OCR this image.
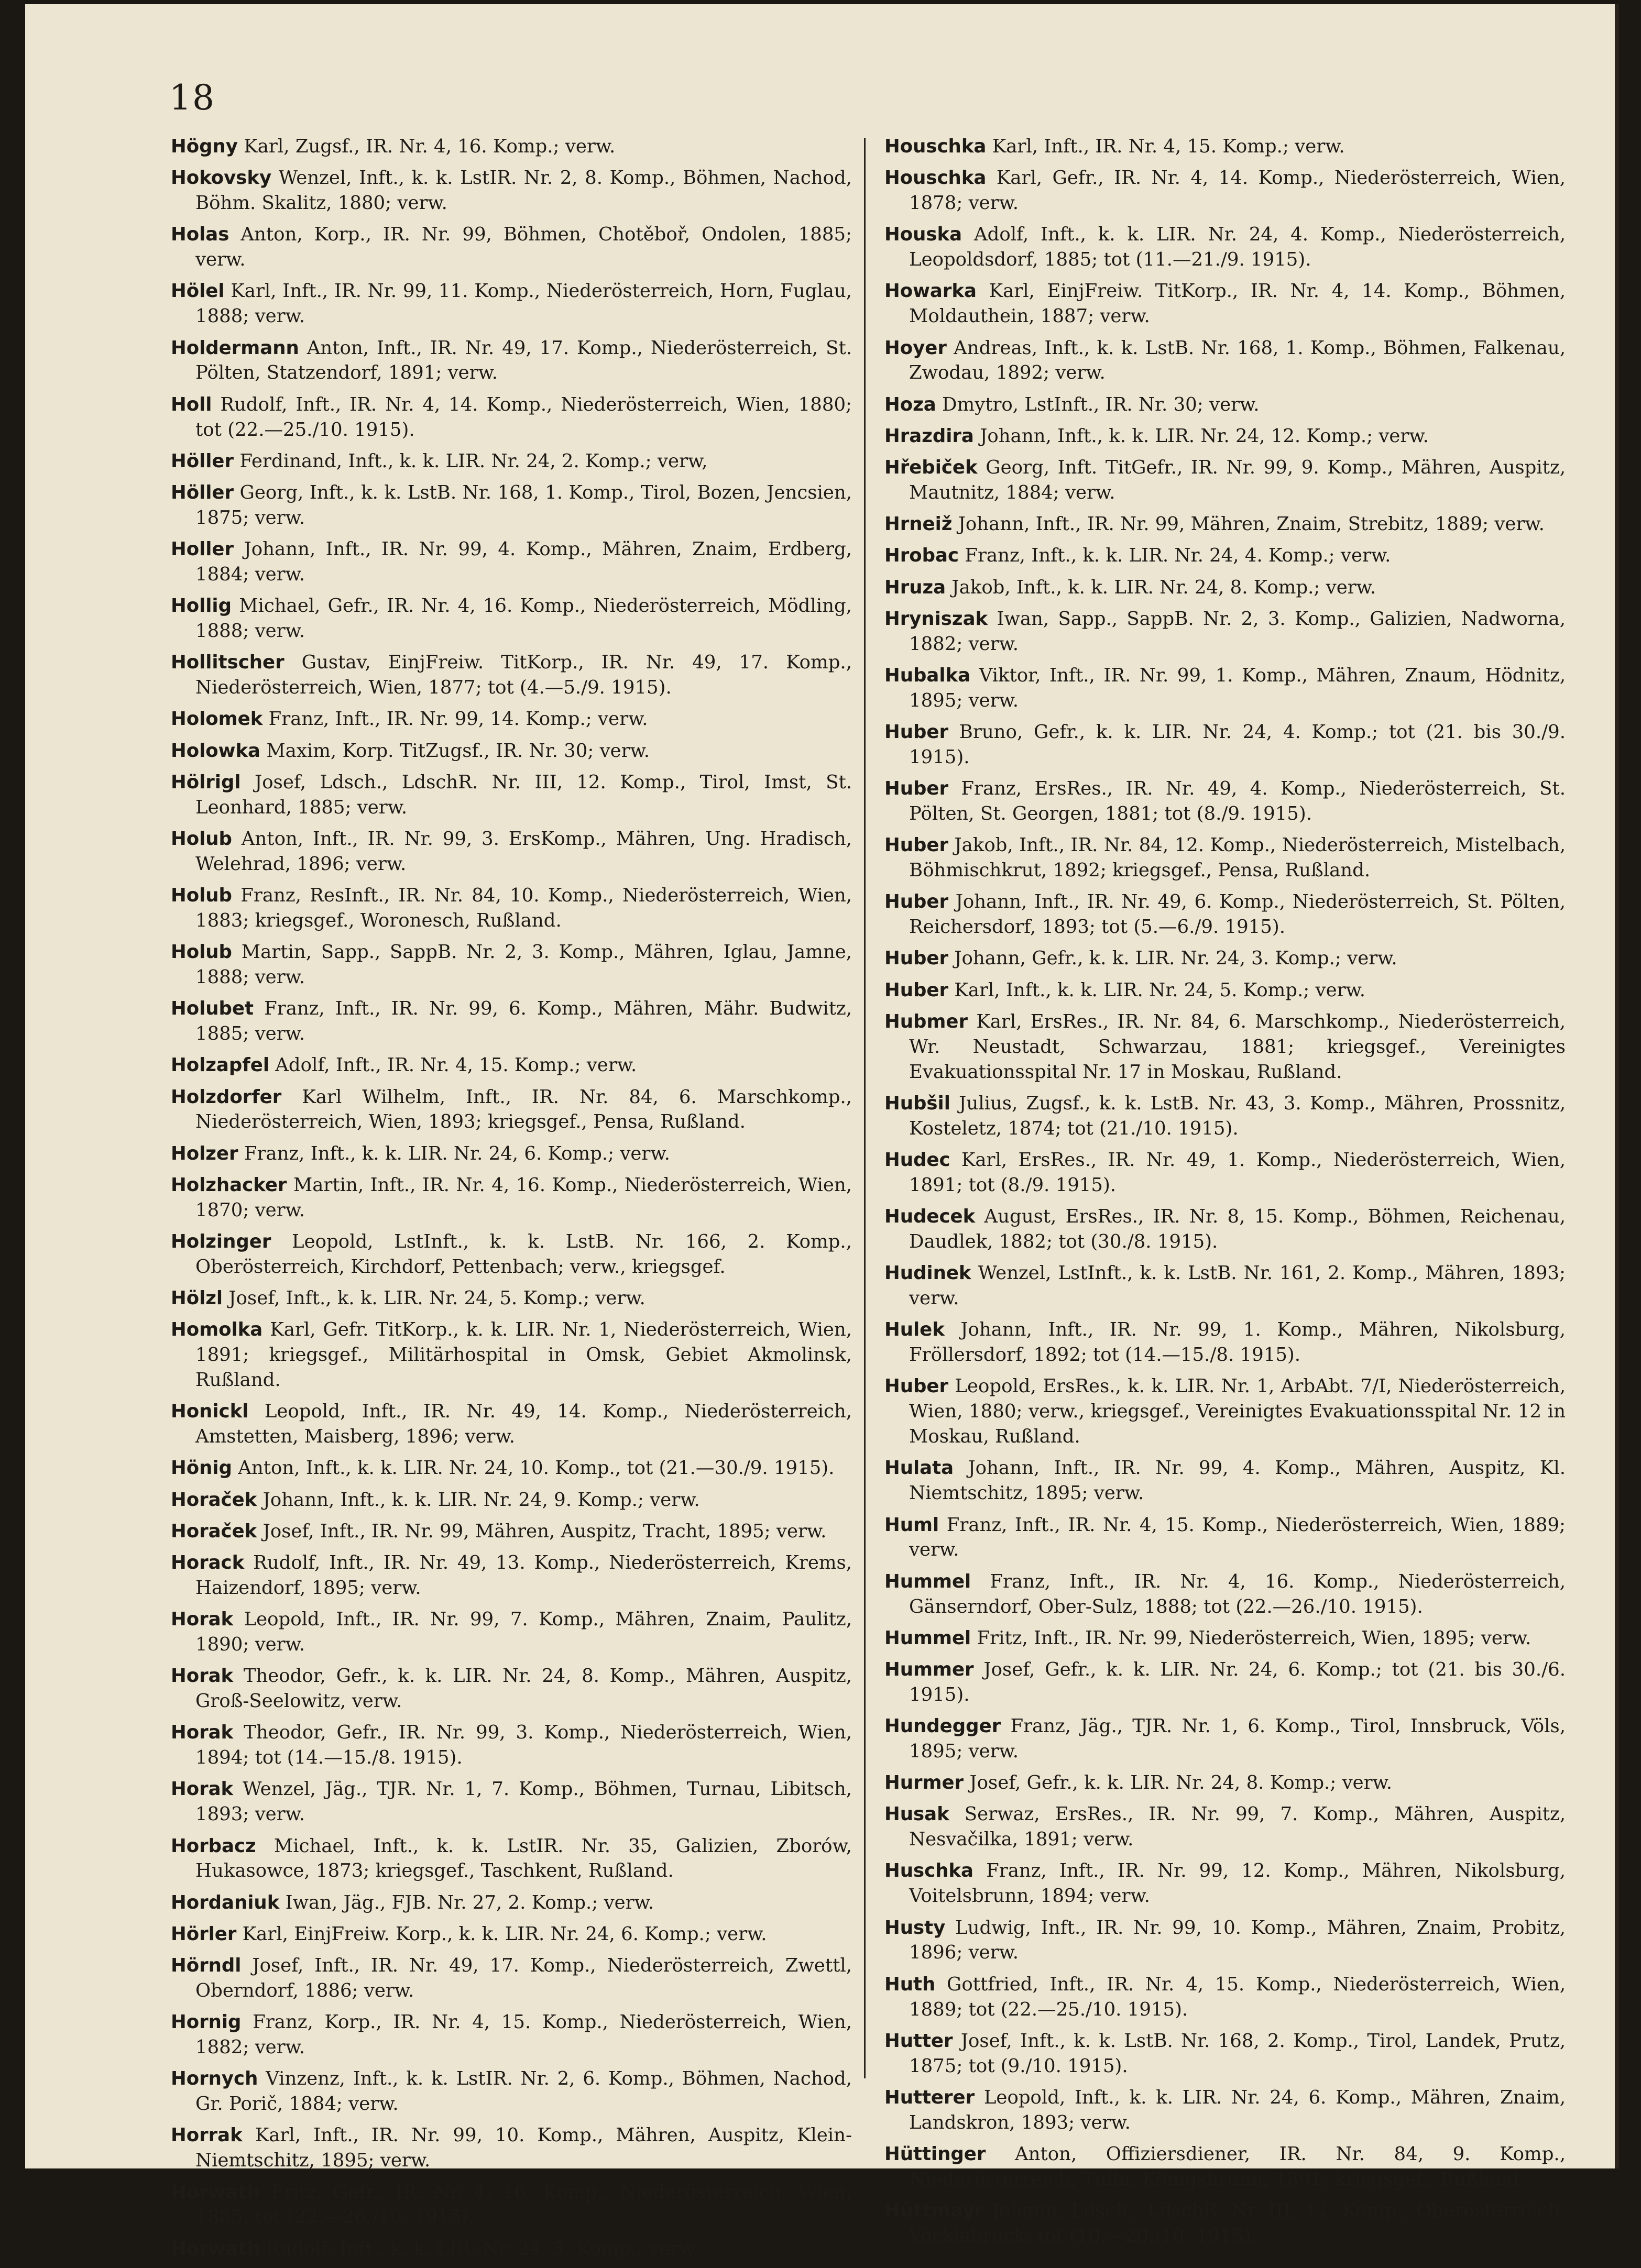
18
Högny Karl, Zugsf., IR. Nr. 4, 16. Komp.; verw.
Hokovsky Wenzel, Inft., k. k. LstIR. Nr. 2, 8. Komp., Böhmen, Nachod, Böhm. Skalitz, 1880; verw.
Holas Anton, Korp., IR. Nr. 99, Böhmen, Chotěboř, Ondolen, 1885; verw.
Hölel Karl, Inft., IR. Nr. 99, 11. Komp., Niederösterreich, Horn, Fuglau, 1888; verw.
Holdermann Anton, Inft., IR. Nr. 49, 17. Komp., Niederösterreich, St. Pölten, Statzendorf, 1891; verw.
Holl Rudolf, Inft., IR. Nr. 4, 14. Komp., Niederösterreich, Wien, 1880; tot (22.—25./10. 1915).
Höller Ferdinand, Inft., k. k. LIR. Nr. 24, 2. Komp.; verw,
Höller Georg, Inft., k. k. LstB. Nr. 168, 1. Komp., Tirol, Bozen, Jencsien, 1875; verw.
Holler Johann, Inft., IR. Nr. 99, 4. Komp., Mähren, Znaim, Erdberg, 1884; verw.
Hollig Michael, Gefr., IR. Nr. 4, 16. Komp., Niederösterreich, Mödling, 1888; verw.
Hollitscher Gustav, EinjFreiw. TitKorp., IR. Nr. 49, 17. Komp., Niederösterreich, Wien, 1877; tot (4.—5./9. 1915).
Holomek Franz, Inft., IR. Nr. 99, 14. Komp.; verw.
Holowka Maxim, Korp. TitZugsf., IR. Nr. 30; verw.
Hölrigl Josef, Ldsch., LdschR. Nr. III, 12. Komp., Tirol, Imst, St. Leonhard, 1885; verw.
Holub Anton, Inft., IR. Nr. 99, 3. ErsKomp., Mähren, Ung. Hradisch, Welehrad, 1896; verw.
Holub Franz, ResInft., IR. Nr. 84, 10. Komp., Niederösterreich, Wien, 1883; kriegsgef., Woronesch, Rußland.
Holub Martin, Sapp., SappB. Nr. 2, 3. Komp., Mähren, Iglau, Jamne, 1888; verw.
Holubet Franz, Inft., IR. Nr. 99, 6. Komp., Mähren, Mähr. Budwitz, 1885; verw.
Holzapfel Adolf, Inft., IR. Nr. 4, 15. Komp.; verw.
Holzdorfer Karl Wilhelm, Inft., IR. Nr. 84, 6. Marschkomp., Niederösterreich, Wien, 1893; kriegsgef., Pensa, Rußland.
Holzer Franz, Inft., k. k. LIR. Nr. 24, 6. Komp.; verw.
Holzhacker Martin, Inft., IR. Nr. 4, 16. Komp., Niederösterreich, Wien, 1870; verw.
Holzinger Leopold, LstInft., k. k. LstB. Nr. 166, 2. Komp., Oberösterreich, Kirchdorf, Pettenbach; verw., kriegsgef.
Hölzl Josef, Inft., k. k. LIR. Nr. 24, 5. Komp.; verw.
Homolka Karl, Gefr. TitKorp., k. k. LIR. Nr. 1, Niederösterreich, Wien, 1891; kriegsgef., Militärhospital in Omsk, Gebiet Akmolinsk, Rußland.
Honickl Leopold, Inft., IR. Nr. 49, 14. Komp., Niederösterreich, Amstetten, Maisberg, 1896; verw.
Hönig Anton, Inft., k. k. LIR. Nr. 24, 10. Komp., tot (21.—30./9. 1915).
Horaček Johann, Inft., k. k. LIR. Nr. 24, 9. Komp.; verw.
Horaček Josef, Inft., IR. Nr. 99, Mähren, Auspitz, Tracht, 1895; verw.
Horack Rudolf, Inft., IR. Nr. 49, 13. Komp., Niederösterreich, Krems, Haizendorf, 1895; verw.
Horak Leopold, Inft., IR. Nr. 99, 7. Komp., Mähren, Znaim, Paulitz, 1890; verw.
Horak Theodor, Gefr., k. k. LIR. Nr. 24, 8. Komp., Mähren, Auspitz, Groß-Seelowitz, verw.
Horak Theodor, Gefr., IR. Nr. 99, 3. Komp., Niederösterreich, Wien, 1894; tot (14.—15./8. 1915).
Horak Wenzel, Jäg., TJR. Nr. 1, 7. Komp., Böhmen, Turnau, Libitsch, 1893; verw.
Horbacz Michael, Inft., k. k. LstIR. Nr. 35, Galizien, Zborów, Hukasowce, 1873; kriegsgef., Taschkent, Rußland.
Hordaniuk Iwan, Jäg., FJB. Nr. 27, 2. Komp.; verw.
Hörler Karl, EinjFreiw. Korp., k. k. LIR. Nr. 24, 6. Komp.; verw.
Hörndl Josef, Inft., IR. Nr. 49, 17. Komp., Niederösterreich, Zwettl, Oberndorf, 1886; verw.
Hornig Franz, Korp., IR. Nr. 4, 15. Komp., Niederösterreich, Wien, 1882; verw.
Hornych Vinzenz, Inft., k. k. LstIR. Nr. 2, 6. Komp., Böhmen, Nachod, Gr. Porič, 1884; verw.
Horrak Karl, Inft., IR. Nr. 99, 10. Komp., Mähren, Auspitz, Klein-Niemtschitz, 1895; verw.
Horwath Fritz, Gefr., IR. Nr. 4, 16. Komp., Niederösterreich, Wien, 1885; tot (22.—26./10. 1915).
Horwath Rudolf, Inft., k. k. LIR. Nr. 24, 3. Komp.; verw.
Houschka Karl, Inft., IR. Nr. 4, 15. Komp.; verw.
Houschka Karl, Gefr., IR. Nr. 4, 14. Komp., Niederösterreich, Wien, 1878; verw.
Houska Adolf, Inft., k. k. LIR. Nr. 24, 4. Komp., Niederösterreich, Leopoldsdorf, 1885; tot (11.—21./9. 1915).
Howarka Karl, EinjFreiw. TitKorp., IR. Nr. 4, 14. Komp., Böhmen, Moldauthein, 1887; verw.
Hoyer Andreas, Inft., k. k. LstB. Nr. 168, 1. Komp., Böhmen, Falkenau, Zwodau, 1892; verw.
Hoza Dmytro, LstInft., IR. Nr. 30; verw.
Hrazdira Johann, Inft., k. k. LIR. Nr. 24, 12. Komp.; verw.
Hřebiček Georg, Inft. TitGefr., IR. Nr. 99, 9. Komp., Mähren, Auspitz, Mautnitz, 1884; verw.
Hrneiž Johann, Inft., IR. Nr. 99, Mähren, Znaim, Strebitz, 1889; verw.
Hrobac Franz, Inft., k. k. LIR. Nr. 24, 4. Komp.; verw.
Hruza Jakob, Inft., k. k. LIR. Nr. 24, 8. Komp.; verw.
Hryniszak Iwan, Sapp., SappB. Nr. 2, 3. Komp., Galizien, Nadworna, 1882; verw.
Hubalka Viktor, Inft., IR. Nr. 99, 1. Komp., Mähren, Znaum, Hödnitz, 1895; verw.
Huber Bruno, Gefr., k. k. LIR. Nr. 24, 4. Komp.; tot (21. bis 30./9. 1915).
Huber Franz, ErsRes., IR. Nr. 49, 4. Komp., Niederösterreich, St. Pölten, St. Georgen, 1881; tot (8./9. 1915).
Huber Jakob, Inft., IR. Nr. 84, 12. Komp., Niederösterreich, Mistelbach, Böhmischkrut, 1892; kriegsgef., Pensa, Rußland.
Huber Johann, Inft., IR. Nr. 49, 6. Komp., Niederösterreich, St. Pölten, Reichersdorf, 1893; tot (5.—6./9. 1915).
Huber Johann, Gefr., k. k. LIR. Nr. 24, 3. Komp.; verw.
Huber Karl, Inft., k. k. LIR. Nr. 24, 5. Komp.; verw.
Hubmer Karl, ErsRes., IR. Nr. 84, 6. Marschkomp., Niederösterreich, Wr. Neustadt, Schwarzau, 1881; kriegsgef., Vereinigtes Evakuationsspital Nr. 17 in Moskau, Rußland.
Hubšil Julius, Zugsf., k. k. LstB. Nr. 43, 3. Komp., Mähren, Prossnitz, Kosteletz, 1874; tot (21./10. 1915).
Hudec Karl, ErsRes., IR. Nr. 49, 1. Komp., Niederösterreich, Wien, 1891; tot (8./9. 1915).
Hudecek August, ErsRes., IR. Nr. 8, 15. Komp., Böhmen, Reichenau, Daudlek, 1882; tot (30./8. 1915).
Hudinek Wenzel, LstInft., k. k. LstB. Nr. 161, 2. Komp., Mähren, 1893; verw.
Hulek Johann, Inft., IR. Nr. 99, 1. Komp., Mähren, Nikolsburg, Fröllersdorf, 1892; tot (14.—15./8. 1915).
Huber Leopold, ErsRes., k. k. LIR. Nr. 1, ArbAbt. 7/I, Niederösterreich, Wien, 1880; verw., kriegsgef., Vereinigtes Evakuationsspital Nr. 12 in Moskau, Rußland.
Hulata Johann, Inft., IR. Nr. 99, 4. Komp., Mähren, Auspitz, Kl. Niemtschitz, 1895; verw.
Huml Franz, Inft., IR. Nr. 4, 15. Komp., Niederösterreich, Wien, 1889; verw.
Hummel Franz, Inft., IR. Nr. 4, 16. Komp., Niederösterreich, Gänserndorf, Ober-Sulz, 1888; tot (22.—26./10. 1915).
Hummel Fritz, Inft., IR. Nr. 99, Niederösterreich, Wien, 1895; verw.
Hummer Josef, Gefr., k. k. LIR. Nr. 24, 6. Komp.; tot (21. bis 30./6. 1915).
Hundegger Franz, Jäg., TJR. Nr. 1, 6. Komp., Tirol, Innsbruck, Völs, 1895; verw.
Hurmer Josef, Gefr., k. k. LIR. Nr. 24, 8. Komp.; verw.
Husak Serwaz, ErsRes., IR. Nr. 99, 7. Komp., Mähren, Auspitz, Nesvačilka, 1891; verw.
Huschka Franz, Inft., IR. Nr. 99, 12. Komp., Mähren, Nikolsburg, Voitelsbrunn, 1894; verw.
Husty Ludwig, Inft., IR. Nr. 99, 10. Komp., Mähren, Znaim, Probitz, 1896; verw.
Huth Gottfried, Inft., IR. Nr. 4, 15. Komp., Niederösterreich, Wien, 1889; tot (22.—25./10. 1915).
Hutter Josef, Inft., k. k. LstB. Nr. 168, 2. Komp., Tirol, Landek, Prutz, 1875; tot (9./10. 1915).
Hutterer Leopold, Inft., k. k. LIR. Nr. 24, 6. Komp., Mähren, Znaim, Landskron, 1893; verw.
Hüttinger Anton, Offiziersdiener, IR. Nr. 84, 9. Komp., Niederösterreich, Tulln, Königsbrunn, 1891; kriegsgef., Rußland.
Hüttmayr Johann, Ldsch., LdschR. Nr. III, 12. Komp., Oberösterreich, Vöcklabruck; tot (10.—20./10. 1915).
